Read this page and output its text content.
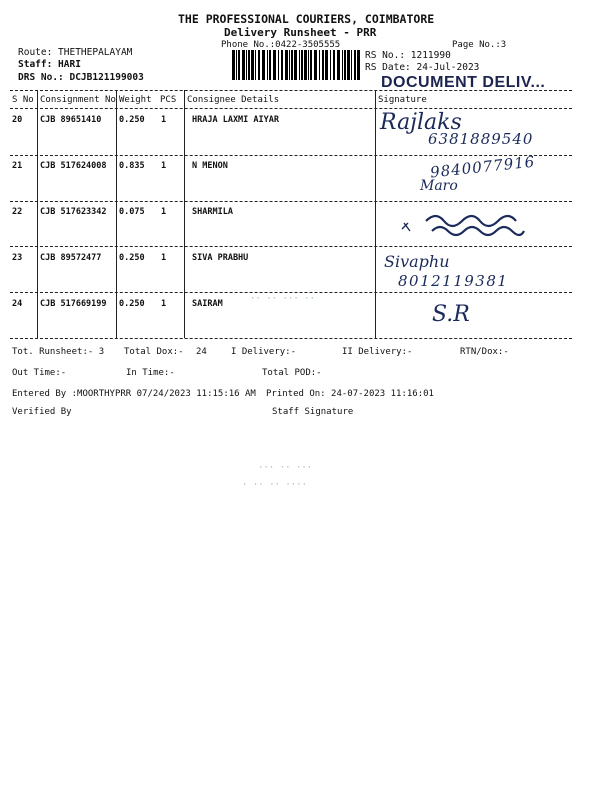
THE PROFESSIONAL COURIERS, COIMBATORE
Delivery Runsheet - PRR
Phone No.:0422-3505555	Page No.:3
Route: THETHEPALAYAM
Staff: HARI
DRS No.: DCJB121199003
RS No.: 1211990
RS Date: 24-Jul-2023
DOCUMENT DELIV...
S No Consignment No Weight PCS Consignee Details	Signature
20 CJB 89651410 0.250 1	HRAJA LAXMI AIYAR	Rajlaks
6381889540
21 CJB 517624008 0.835 1	N MENON	9840077916
Maro
22 CJB 517623342 0.075 1	SHARMILA
23 CJB 89572477 0.250 1	SIVA PRABHU	Sivaphu
8012119381
24 CJB 517669199 0.250 1	SAIRAM	S.R
·· ·· ··· ··
Tot. Runsheet:- 3 Total Dox:- 24	I Delivery:-	II Delivery:-	RTN/Dox:-
Out Time:-	In Time:-	Total POD:-
Entered By :MOORTHYPRR 07/24/2023 11:15:16 AM Printed On: 24-07-2023 11:16:01
Verified By	Staff Signature
··· ·· ···
· ·· ·· ····
